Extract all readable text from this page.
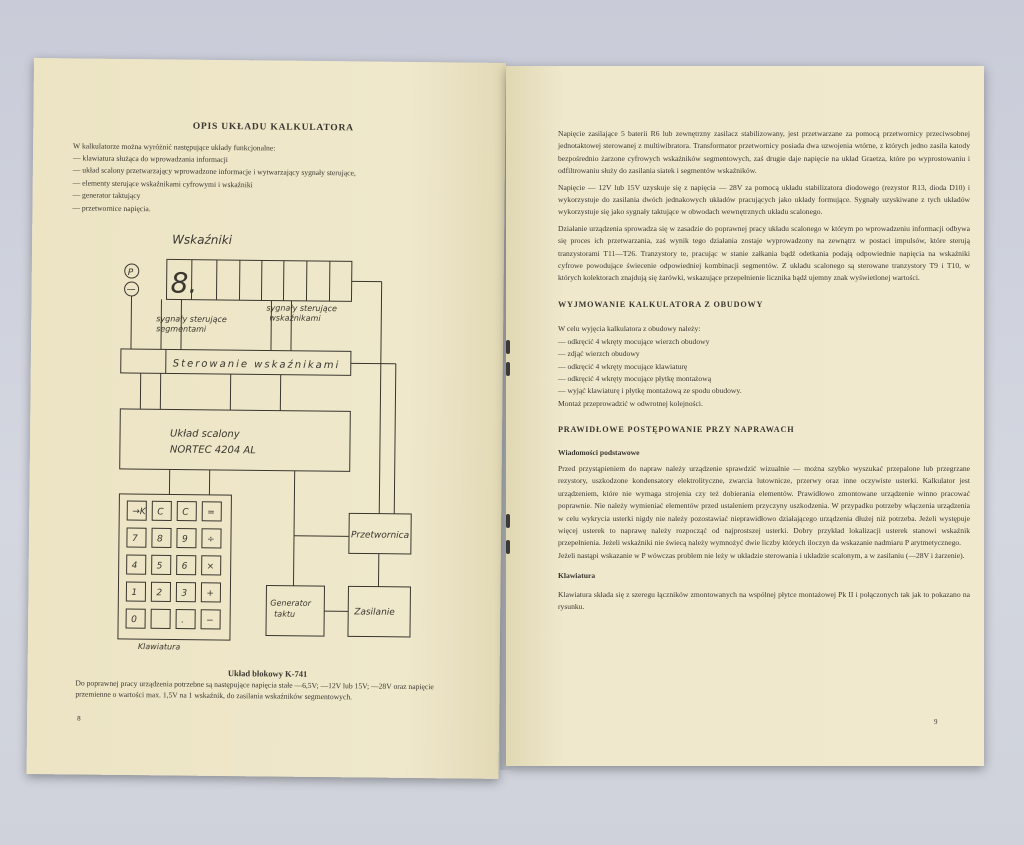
OPIS UKŁADU KALKULATORA
W kalkulatorze można wyróżnić następujące układy funkcjonalne:
— klawiatura służąca do wprowadzania informacji
— układ scalony przetwarzający wprowadzone informacje i wytwarzający sygnały sterujące,
— elementy sterujące wskaźnikami cyfrowymi i wskaźniki
— generator taktujący
— przetwornice napięcia.
→K C C =
7 8 9 ÷
4 5 6 ×
1 2 3 +
0	. −
Wskaźniki
P
— 8.
sygnały sterujące
segmentami
sygnały sterujące
wskaźnikami
Sterowanie wskaźnikami
Układ scalony
NORTEC 4204 AL
Przetwornica
Generator
taktu	Zasilanie
Klawiatura
Układ blokowy K-741
Do poprawnej pracy urządzenia potrzebne są następujące napięcia stałe —6,5V; —12V lub 15V; —28V oraz napięcie przemienne o wartości max. 1,5V na 1 wskaźnik, do zasilania wskaźników segmentowych.
8

Napięcie zasilające 5 baterii R6 lub zewnętrzny zasilacz stabilizowany, jest przetwarzane za pomocą przetwornicy przeciwsobnej jednotaktowej sterowanej z multiwibratora. Transformator przetwornicy posiada dwa uzwojenia wtórne, z których jedno zasila katody bezpośrednio żarzone cyfrowych wskaźników segmentowych, zaś drugie daje napięcie na układ Graetza, które po wyprostowaniu i odfiltrowaniu służy do zasilania siatek i segmentów wskaźników.

Napięcie — 12V lub 15V uzyskuje się z napięcia — 28V za pomocą układu stabilizatora diodowego (rezystor R13, dioda D10) i wykorzystuje do zasilania dwóch jednakowych układów pracujących jako układy formujące. Sygnały uzyskiwane z tych układów wykorzystuje się jako sygnały taktujące w obwodach wewnętrznych układu scalonego.

Działanie urządzenia sprowadza się w zasadzie do poprawnej pracy układu scalonego w którym po wprowadzeniu informacji odbywa się proces ich przetwarzania, zaś wynik tego działania zostaje wyprowadzony na zewnątrz w postaci impulsów, które sterują tranzystorami T11—T26. Tranzystory te, pracując w stanie załkania bądź odetkania podają odpowiednie napięcia na wskaźniki cyfrowe powodujące świecenie odpowiedniej kombinacji segmentów. Z układu scalonego są sterowane tranzystory T9 i T10, w których kolektorach znajdują się żarówki, wskazujące przepełnienie licznika bądź ujemny znak wyświetlonej wartości.

WYJMOWANIE KALKULATORA Z OBUDOWY
W celu wyjęcia kalkulatora z obudowy należy:
— odkręcić 4 wkręty mocujące wierzch obudowy
— zdjąć wierzch obudowy
— odkręcić 4 wkręty mocujące klawiaturę
— odkręcić 4 wkręty mocujące płytkę montażową
— wyjąć klawiaturę i płytkę montażową ze spodu obudowy.
Montaż przeprowadzić w odwrotnej kolejności.
PRAWIDŁOWE POSTĘPOWANIE PRZY NAPRAWACH
Wiadomości podstawowe

Przed przystąpieniem do napraw należy urządzenie sprawdzić wizualnie — można szybko wyszukać przepalone lub przegrzane rezystory, uszkodzone kondensatory elektrolityczne, zwarcia lutownicze, przerwy oraz inne oczywiste usterki. Kalkulator jest urządzeniem, które nie wymaga strojenia czy też dobierania elementów. Prawidłowo zmontowane urządzenie winno pracować poprawnie. Nie należy wymieniać elementów przed ustaleniem przyczyny uszkodzenia. W przypadku potrzeby włączenia urządzenia w celu wykrycia usterki nigdy nie należy pozostawiać nieprawidłowo działającego urządzenia dłużej niż potrzeba. Jeżeli występuje więcej usterek to naprawę należy rozpocząć od najprostszej usterki. Dobry przykład lokalizacji usterek stanowi wskaźnik przepełnienia. Jeżeli wskaźniki nie świecą należy wymnożyć dwie liczby których iloczyn da wskazanie nadmiaru P arytmetycznego.

Jeżeli nastąpi wskazanie w P wówczas problem nie leży w układzie sterowania i układzie scalonym, a w zasilaniu (—28V i żarzenie).

Klawiatura

Klawiatura składa się z szeregu łączników zmontowanych na wspólnej płytce montażowej Pk II i połączonych tak jak to pokazano na rysunku.

9
